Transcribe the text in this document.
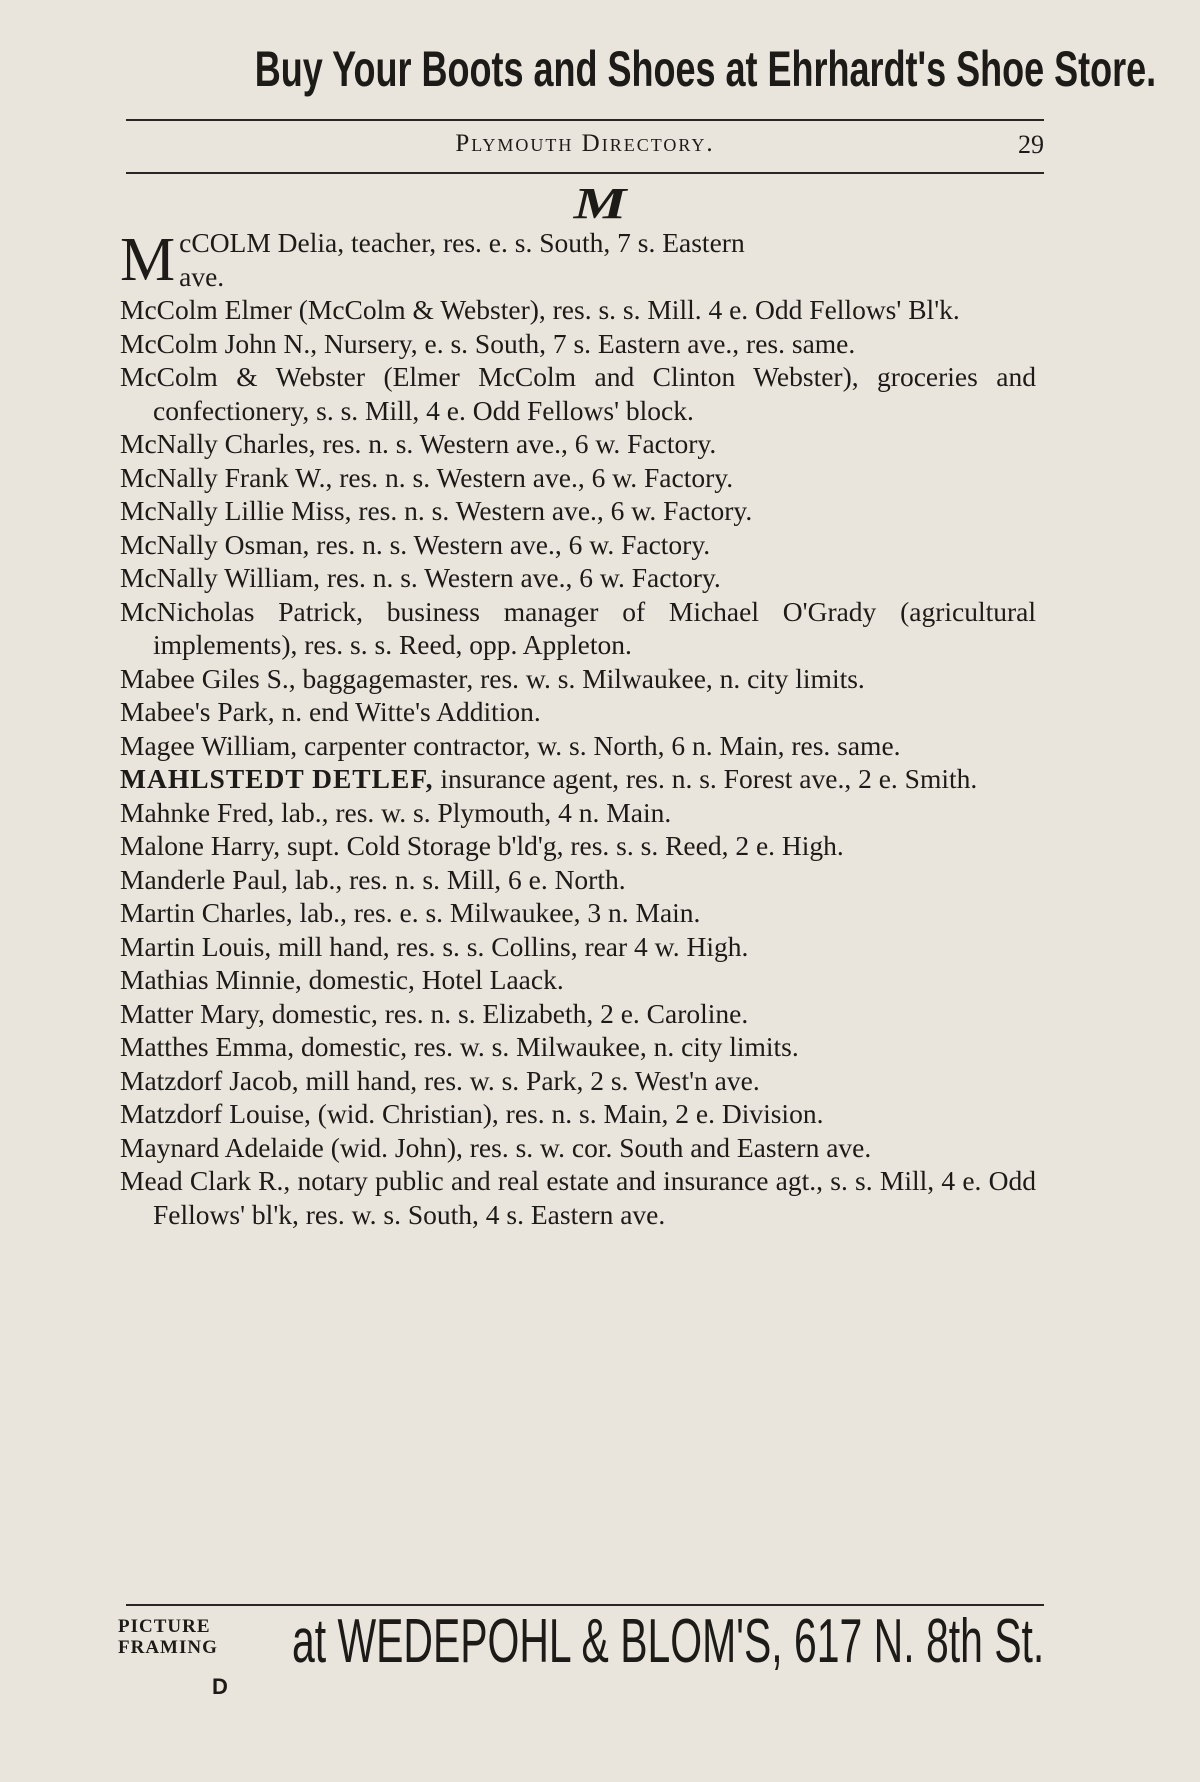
Buy Your Boots and Shoes at Ehrhardt's Shoe Store.
Plymouth Directory.	29
M
M cCOLM Delia, teacher, res. e. s. South, 7 s. Eastern
ave.
McColm Elmer (McColm & Webster), res. s. s. Mill. 4 e. Odd Fellows' Bl'k.
McColm John N., Nursery, e. s. South, 7 s. Eastern ave., res. same.
McColm & Webster (Elmer McColm and Clinton Webster), groceries and confectionery, s. s. Mill, 4 e. Odd Fellows' block.
McNally Charles, res. n. s. Western ave., 6 w. Factory.
McNally Frank W., res. n. s. Western ave., 6 w. Factory.
McNally Lillie Miss, res. n. s. Western ave., 6 w. Factory.
McNally Osman, res. n. s. Western ave., 6 w. Factory.
McNally William, res. n. s. Western ave., 6 w. Factory.
McNicholas Patrick, business manager of Michael O'Grady (agricultural implements), res. s. s. Reed, opp. Appleton.
Mabee Giles S., baggagemaster, res. w. s. Milwaukee, n. city limits.
Mabee's Park, n. end Witte's Addition.
Magee William, carpenter contractor, w. s. North, 6 n. Main, res. same.
MAHLSTEDT DETLEF, insurance agent, res. n. s. Forest ave., 2 e. Smith.
Mahnke Fred, lab., res. w. s. Plymouth, 4 n. Main.
Malone Harry, supt. Cold Storage b'ld'g, res. s. s. Reed, 2 e. High.
Manderle Paul, lab., res. n. s. Mill, 6 e. North.
Martin Charles, lab., res. e. s. Milwaukee, 3 n. Main.
Martin Louis, mill hand, res. s. s. Collins, rear 4 w. High.
Mathias Minnie, domestic, Hotel Laack.
Matter Mary, domestic, res. n. s. Elizabeth, 2 e. Caroline.
Matthes Emma, domestic, res. w. s. Milwaukee, n. city limits.
Matzdorf Jacob, mill hand, res. w. s. Park, 2 s. West'n ave.
Matzdorf Louise, (wid. Christian), res. n. s. Main, 2 e. Division.
Maynard Adelaide (wid. John), res. s. w. cor. South and Eastern ave.
Mead Clark R., notary public and real estate and insurance agt., s. s. Mill, 4 e. Odd Fellows' bl'k, res. w. s. South, 4 s. Eastern ave.
PICTURE
FRAMING at WEDEPOHL & BLOM'S, 617 N. 8th St.
D
